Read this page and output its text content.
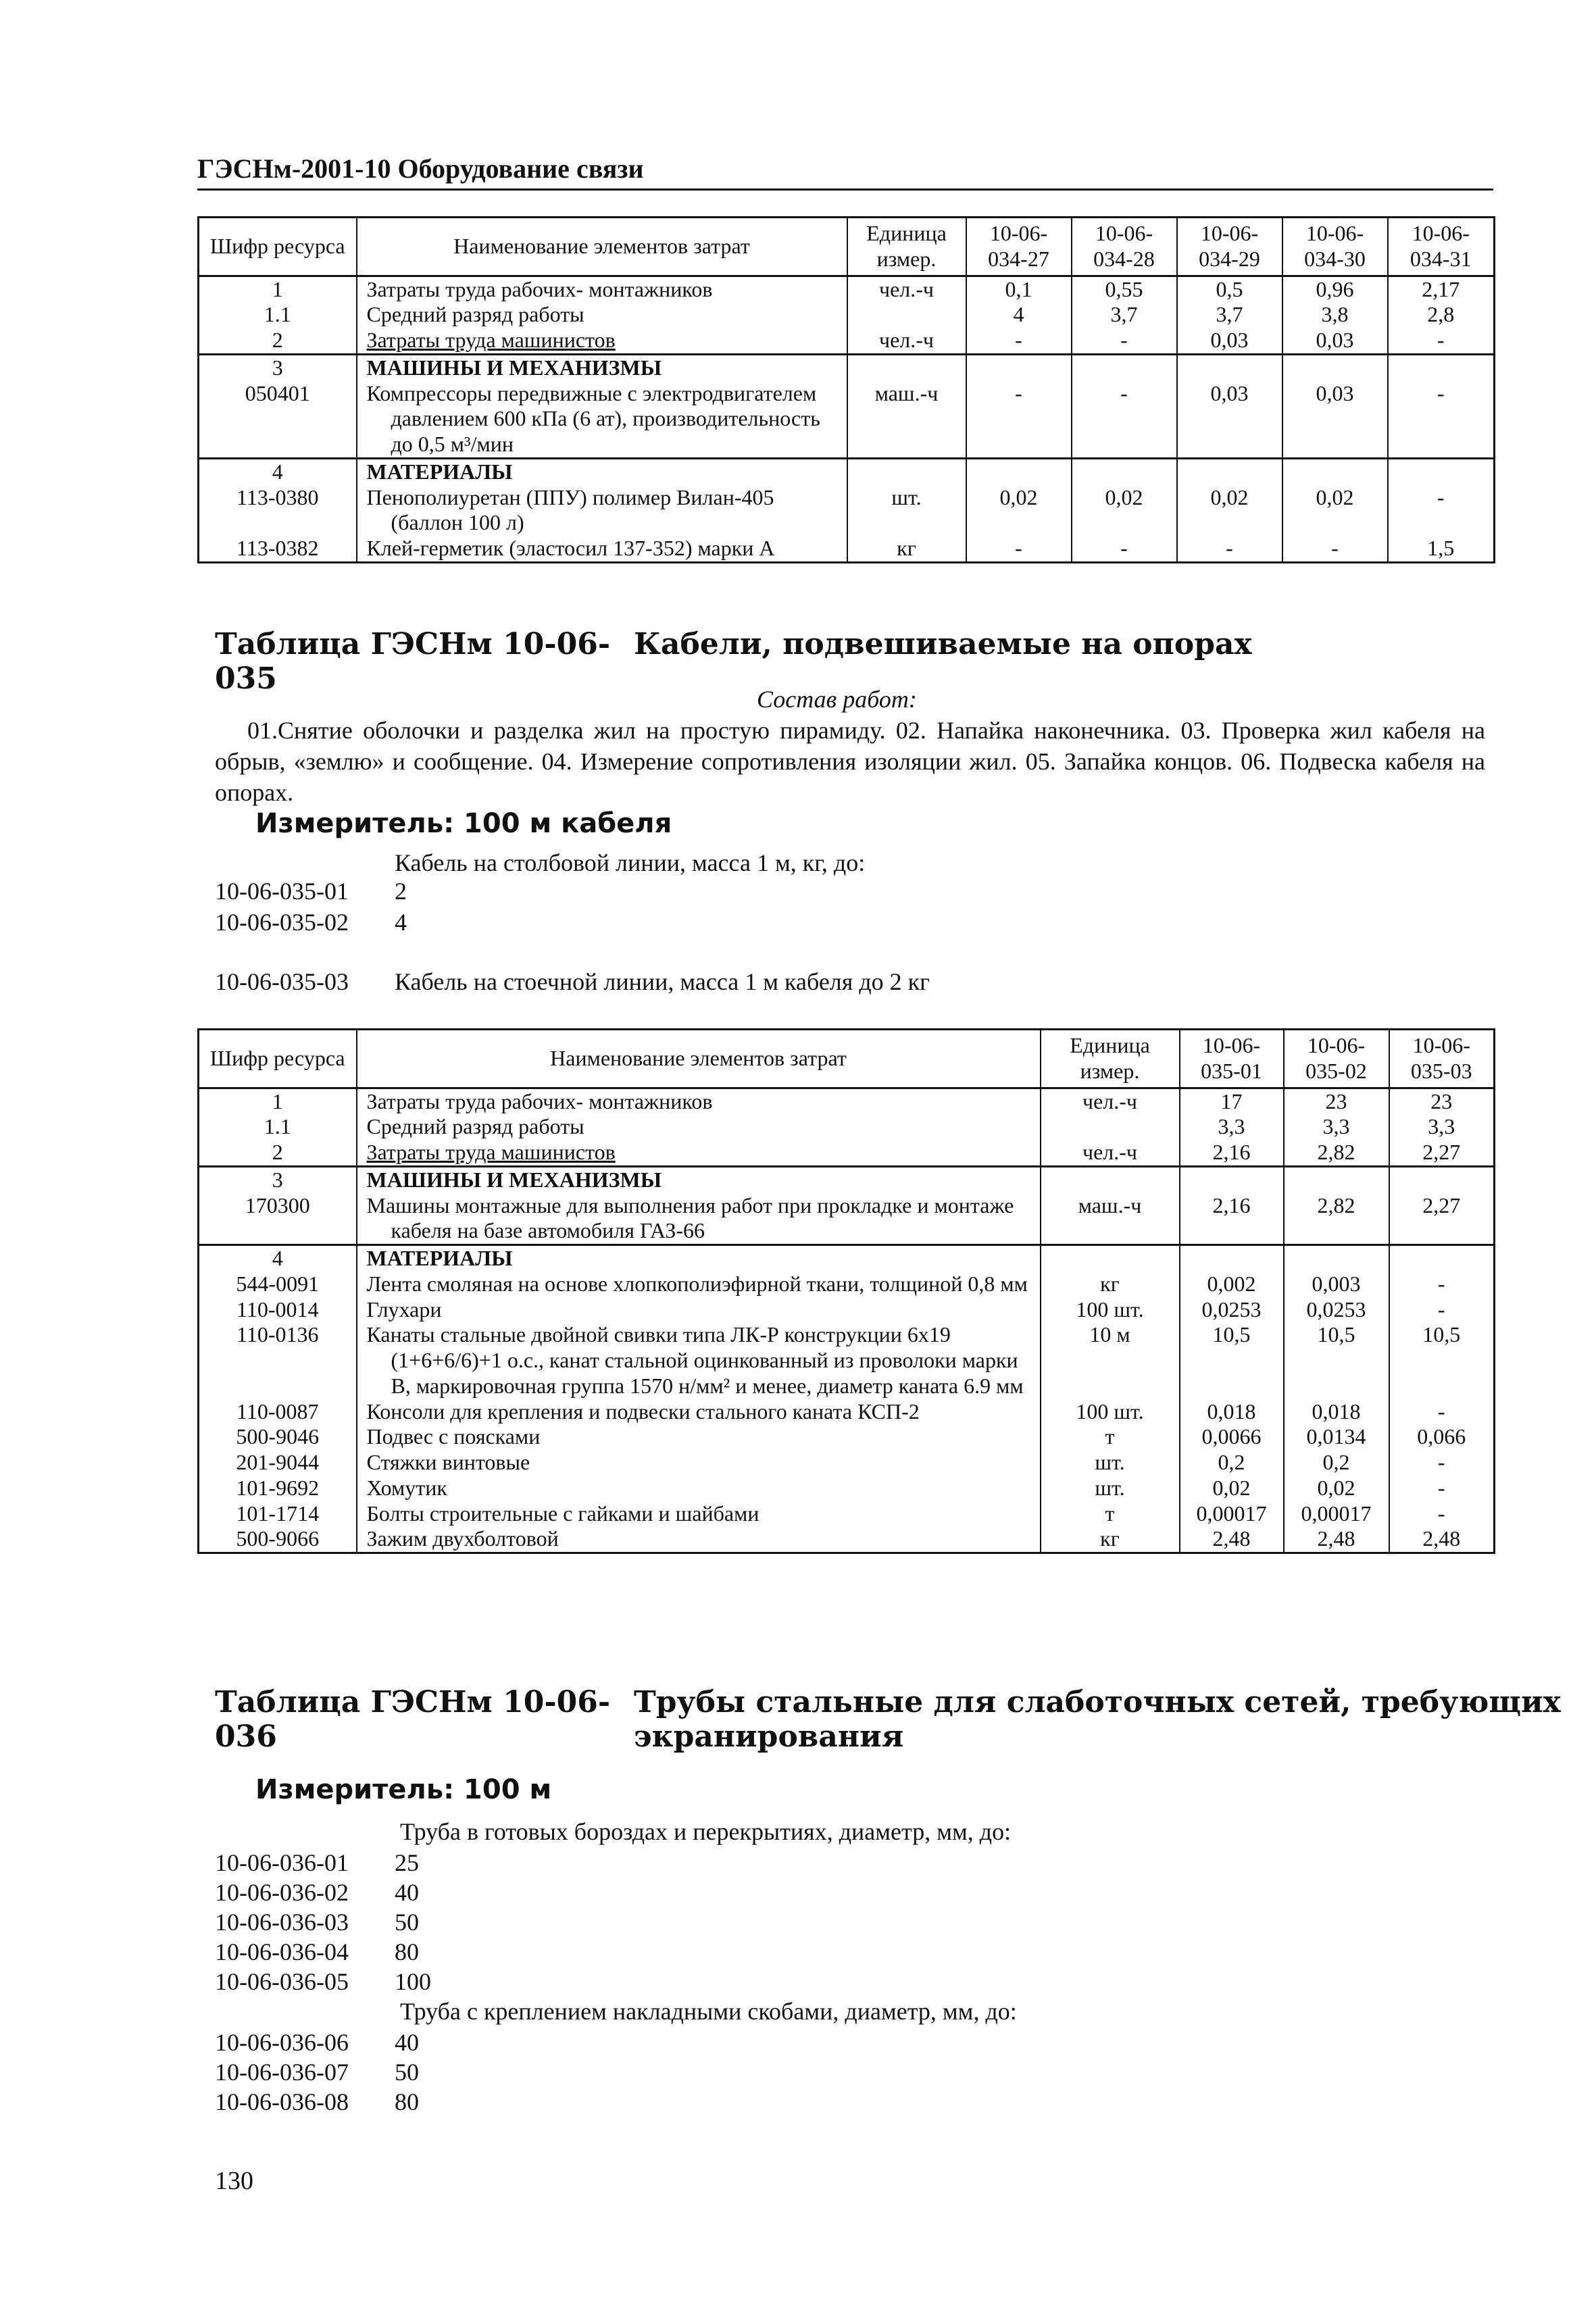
ГЭСНм-2001-10 Оборудование связи
Шифр ресурса	Наименование элементов затрат	Единица измер.	10-06-034-27	10-06-034-28	10-06-034-29	10-06-034-30	10-06-034-31
1	Затраты труда рабочих- монтажников	чел.-ч	0,1	0,55	0,5	0,96	2,17
1.1	Средний разряд работы		4	3,7	3,7	3,8	2,8
2	Затраты труда машинистов	чел.-ч	-	-	0,03	0,03	-
3	МАШИНЫ И МЕХАНИЗМЫ						
050401	Компрессоры передвижные с электродвигателем давлением 600 кПа (6 ат), производительность до 0,5 м³/мин	маш.-ч	-	-	0,03	0,03	-
4	МАТЕРИАЛЫ						
113-0380	Пенополиуретан (ППУ) полимер Вилан-405 (баллон 100 л)	шт.	0,02	0,02	0,02	0,02	-
113-0382	Клей-герметик (эластосил 137-352) марки А	кг	-	-	-	-	1,5
Таблица ГЭСНм 10-06-035Кабели, подвешиваемые на опорах
Состав работ:
01.Снятие оболочки и разделка жил на простую пирамиду. 02. Напайка наконечника. 03. Проверка жил кабеля на обрыв, «землю» и сообщение. 04. Измерение сопротивления изоляции жил. 05. Запайка концов. 06. Подвеска кабеля на опорах.
Измеритель: 100 м кабеля
Кабель на столбовой линии, масса 1 м, кг, до:
10-06-035-01 2
10-06-035-02 4
10-06-035-03 Кабель на стоечной линии, масса 1 м кабеля до 2 кг
Шифр ресурса	Наименование элементов затрат	Единица измер.	10-06-035-01	10-06-035-02	10-06-035-03
1	Затраты труда рабочих- монтажников	чел.-ч	17	23	23
1.1	Средний разряд работы		3,3	3,3	3,3
2	Затраты труда машинистов	чел.-ч	2,16	2,82	2,27
3	МАШИНЫ И МЕХАНИЗМЫ				
170300	Машины монтажные для выполнения работ при прокладке и монтаже кабеля на базе автомобиля ГАЗ-66	маш.-ч	2,16	2,82	2,27
4	МАТЕРИАЛЫ				
544-0091	Лента смоляная на основе хлопкополиэфирной ткани, толщиной 0,8 мм	кг	0,002	0,003	-
110-0014	Глухари	100 шт.	0,0253	0,0253	-
110-0136	Канаты стальные двойной свивки типа ЛК-Р конструкции 6х19 (1+6+6/6)+1 о.с., канат стальной оцинкованный из проволоки марки В, маркировочная группа 1570 н/мм² и менее, диаметр каната 6.9 мм	10 м	10,5	10,5	10,5
110-0087	Консоли для крепления и подвески стального каната КСП-2	100 шт.	0,018	0,018	-
500-9046	Подвес с поясками	т	0,0066	0,0134	0,066
201-9044	Стяжки винтовые	шт.	0,2	0,2	-
101-9692	Хомутик	шт.	0,02	0,02	-
101-1714	Болты строительные с гайками и шайбами	т	0,00017	0,00017	-
500-9066	Зажим двухболтовой	кг	2,48	2,48	2,48
Таблица ГЭСНм 10-06-036Трубы стальные для слаботочных сетей, требующих
экранирования
Измеритель: 100 м
Труба в готовых бороздах и перекрытиях, диаметр, мм, до:
10-06-036-01 25
10-06-036-02 40
10-06-036-03 50
10-06-036-04 80
10-06-036-05 100
Труба с креплением накладными скобами, диаметр, мм, до:
10-06-036-06 40
10-06-036-07 50
10-06-036-08 80
130
